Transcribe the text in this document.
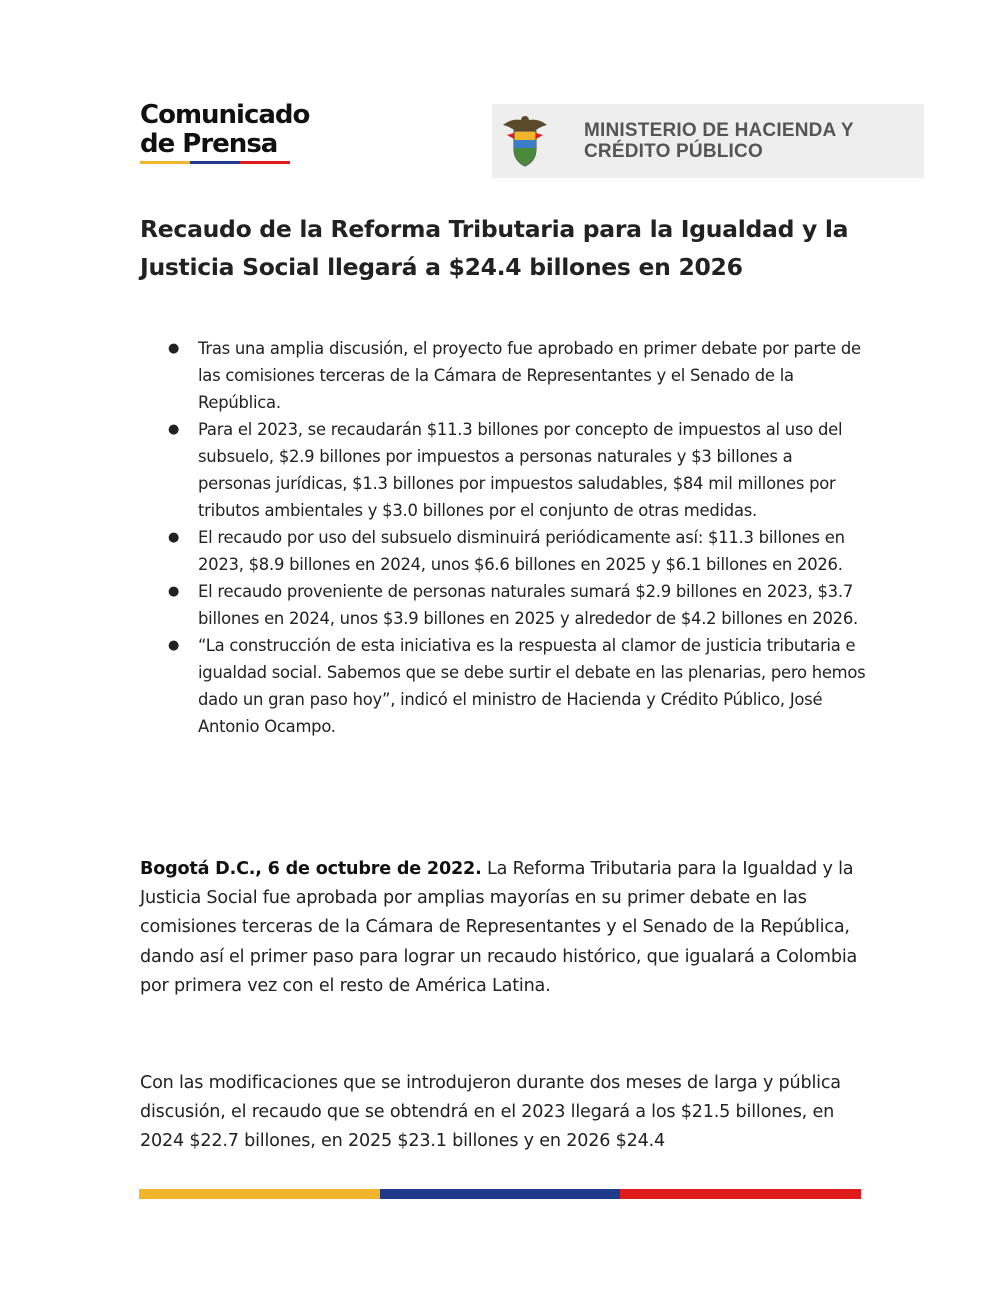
Comunicado
de Prensa	MINISTERIO DE HACIENDA Y
CRÉDITO PÚBLICO
Recaudo de la Reforma Tributaria para la Igualdad y la Justicia Social llegará a $24.4 billones en 2026
● Tras una amplia discusión, el proyecto fue aprobado en primer debate por parte de las comisiones terceras de la Cámara de Representantes y el Senado de la República.
● Para el 2023, se recaudarán $11.3 billones por concepto de impuestos al uso del subsuelo, $2.9 billones por impuestos a personas naturales y $3 billones a personas jurídicas, $1.3 billones por impuestos saludables, $84 mil millones por tributos ambientales y $3.0 billones por el conjunto de otras medidas.
● El recaudo por uso del subsuelo disminuirá periódicamente así: $11.3 billones en 2023, $8.9 billones en 2024, unos $6.6 billones en 2025 y $6.1 billones en 2026.
● El recaudo proveniente de personas naturales sumará $2.9 billones en 2023, $3.7 billones en 2024, unos $3.9 billones en 2025 y alrededor de $4.2 billones en 2026.
● “La construcción de esta iniciativa es la respuesta al clamor de justicia tributaria e igualdad social. Sabemos que se debe surtir el debate en las plenarias, pero hemos dado un gran paso hoy”, indicó el ministro de Hacienda y Crédito Público, José Antonio Ocampo.

Bogotá D.C., 6 de octubre de 2022. La Reforma Tributaria para la Igualdad y la Justicia Social fue aprobada por amplias mayorías en su primer debate en las comisiones terceras de la Cámara de Representantes y el Senado de la República, dando así el primer paso para lograr un recaudo histórico, que igualará a Colombia por primera vez con el resto de América Latina.

Con las modificaciones que se introdujeron durante dos meses de larga y pública discusión, el recaudo que se obtendrá en el 2023 llegará a los $21.5 billones, en 2024 $22.7 billones, en 2025 $23.1 billones y en 2026 $24.4
